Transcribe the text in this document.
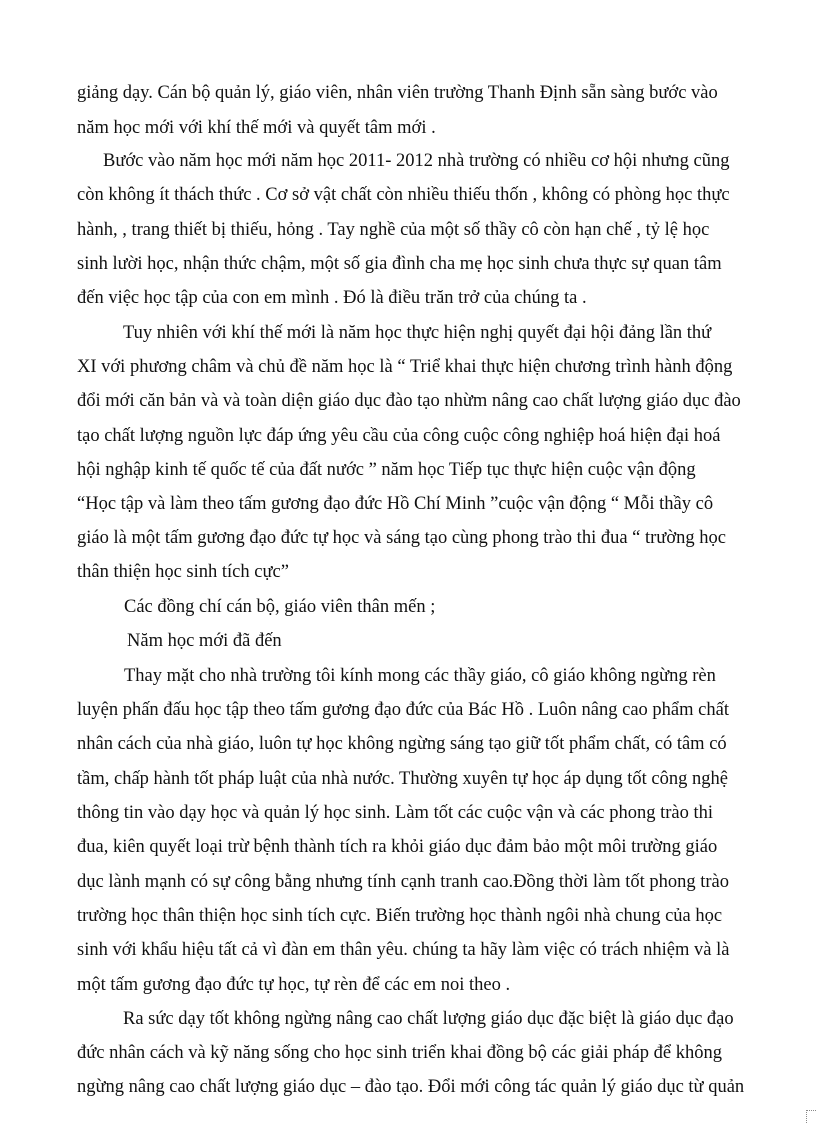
giảng dạy. Cán bộ quản lý, giáo viên, nhân viên trường Thanh Định sẵn sàng bước vào
năm học mới với khí thế mới và quyết tâm mới .
Bước vào năm học mới năm học 2011- 2012 nhà trường có nhiều cơ hội nhưng cũng
còn không ít thách thức . Cơ sở vật chất còn nhiều thiếu thốn , không có phòng học thực
hành, , trang thiết bị thiếu, hỏng . Tay nghề của một số thầy cô còn hạn chế , tỷ lệ học
sinh lười học, nhận thức chậm, một số gia đình cha mẹ học sinh chưa thực sự quan tâm
đến việc học tập của con em mình . Đó là điều trăn trở của chúng ta .
Tuy nhiên với khí thế mới là năm học thực hiện nghị quyết đại hội đảng lần thứ
XI với phương châm và chủ đề năm học là “ Triể khai thực hiện chương trình hành động
đổi mới căn bản và và toàn diện giáo dục đào tạo nhừm nâng cao chất lượng giáo dục đào
tạo chất lượng nguồn lực đáp ứng yêu cầu của công cuộc công nghiệp hoá hiện đại hoá
hội nghập kinh tế quốc tế của đất nước ” năm học Tiếp tục thực hiện cuộc vận động
“Học tập và làm theo tấm gương đạo đức Hồ Chí Minh ”cuộc vận động “ Mỗi thầy cô
giáo là một tấm gương đạo đức tự học và sáng tạo cùng phong trào thi đua “ trường học
thân thiện học sinh tích cực”
Các đồng chí cán bộ, giáo viên thân mến ;
Năm học mới đã đến
Thay mặt cho nhà trường tôi kính mong các thầy giáo, cô giáo không ngừng rèn
luyện phấn đấu học tập theo tấm gương đạo đức của Bác Hồ . Luôn nâng cao phẩm chất
nhân cách của nhà giáo, luôn tự học không ngừng sáng tạo giữ tốt phẩm chất, có tâm có
tầm, chấp hành tốt pháp luật của nhà nước. Thường xuyên tự học áp dụng tốt công nghệ
thông tin vào dạy học và quản lý học sinh. Làm tốt các cuộc vận và các phong trào thi
đua, kiên quyết loại trừ bệnh thành tích ra khỏi giáo dục đảm bảo một môi trường giáo
dục lành mạnh có sự công bằng nhưng tính cạnh tranh cao.Đồng thời làm tốt phong trào
trường học thân thiện học sinh tích cực. Biến trường học thành ngôi nhà chung của học
sinh với khẩu hiệu tất cả vì đàn em thân yêu. chúng ta hãy làm việc có trách nhiệm và là
một tấm gương đạo đức tự học, tự rèn để các em noi theo .
Ra sức dạy tốt không ngừng nâng cao chất lượng giáo dục đặc biệt là giáo dục đạo
đức nhân cách và kỹ năng sống cho học sinh triển khai đồng bộ các giải pháp để không
ngừng nâng cao chất lượng giáo dục – đào tạo. Đổi mới công tác quản lý giáo dục từ quản
